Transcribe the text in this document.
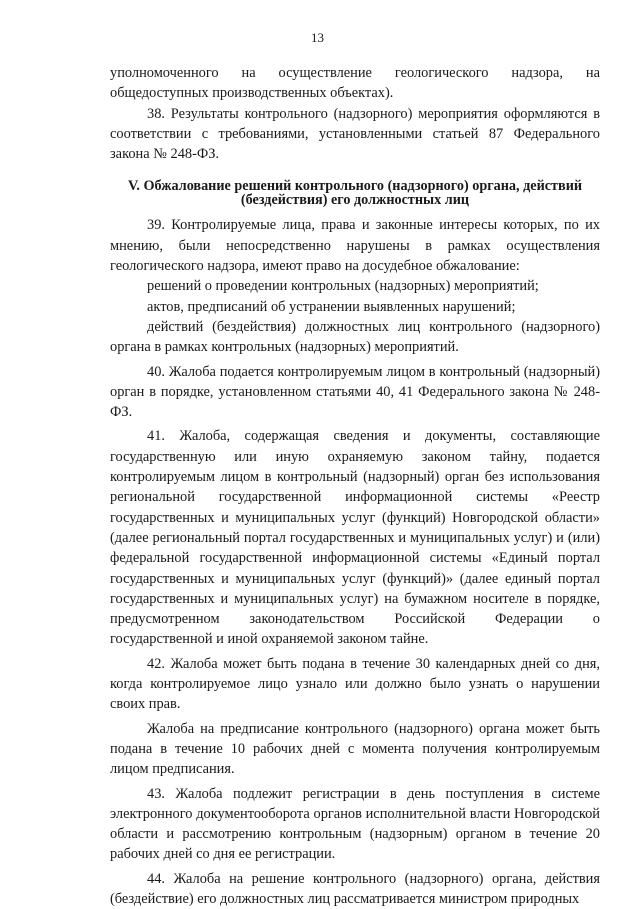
13

уполномоченного на осуществление геологического надзора, на общедоступных производственных объектах).

38. Результаты контрольного (надзорного) мероприятия оформляются в соответствии с требованиями, установленными статьей 87 Федерального закона № 248-ФЗ.

V. Обжалование решений контрольного (надзорного) органа, действий (бездействия) его должностных лиц

39. Контролируемые лица, права и законные интересы которых, по их мнению, были непосредственно нарушены в рамках осуществления геологического надзора, имеют право на досудебное обжалование:

решений о проведении контрольных (надзорных) мероприятий;

актов, предписаний об устранении выявленных нарушений;

действий (бездействия) должностных лиц контрольного (надзорного) органа в рамках контрольных (надзорных) мероприятий.

40. Жалоба подается контролируемым лицом в контрольный (надзорный) орган в порядке, установленном статьями 40, 41 Федерального закона № 248-ФЗ.

41. Жалоба, содержащая сведения и документы, составляющие государственную или иную охраняемую законом тайну, подается контролируемым лицом в контрольный (надзорный) орган без использования региональной государственной информационной системы «Реестр государственных и муниципальных услуг (функций) Новгородской области» (далее региональный портал государственных и муниципальных услуг) и (или) федеральной государственной информационной системы «Единый портал государственных и муниципальных услуг (функций)» (далее единый портал государственных и муниципальных услуг) на бумажном носителе в порядке, предусмотренном законодательством Российской Федерации о государственной и иной охраняемой законом тайне.

42. Жалоба может быть подана в течение 30 календарных дней со дня, когда контролируемое лицо узнало или должно было узнать о нарушении своих прав.

Жалоба на предписание контрольного (надзорного) органа может быть подана в течение 10 рабочих дней с момента получения контролируемым лицом предписания.

43. Жалоба подлежит регистрации в день поступления в системе электронного документооборота органов исполнительной власти Новгородской области и рассмотрению контрольным (надзорным) органом в течение 20 рабочих дней со дня ее регистрации.

44. Жалоба на решение контрольного (надзорного) органа, действия (бездействие) его должностных лиц рассматривается министром природных
